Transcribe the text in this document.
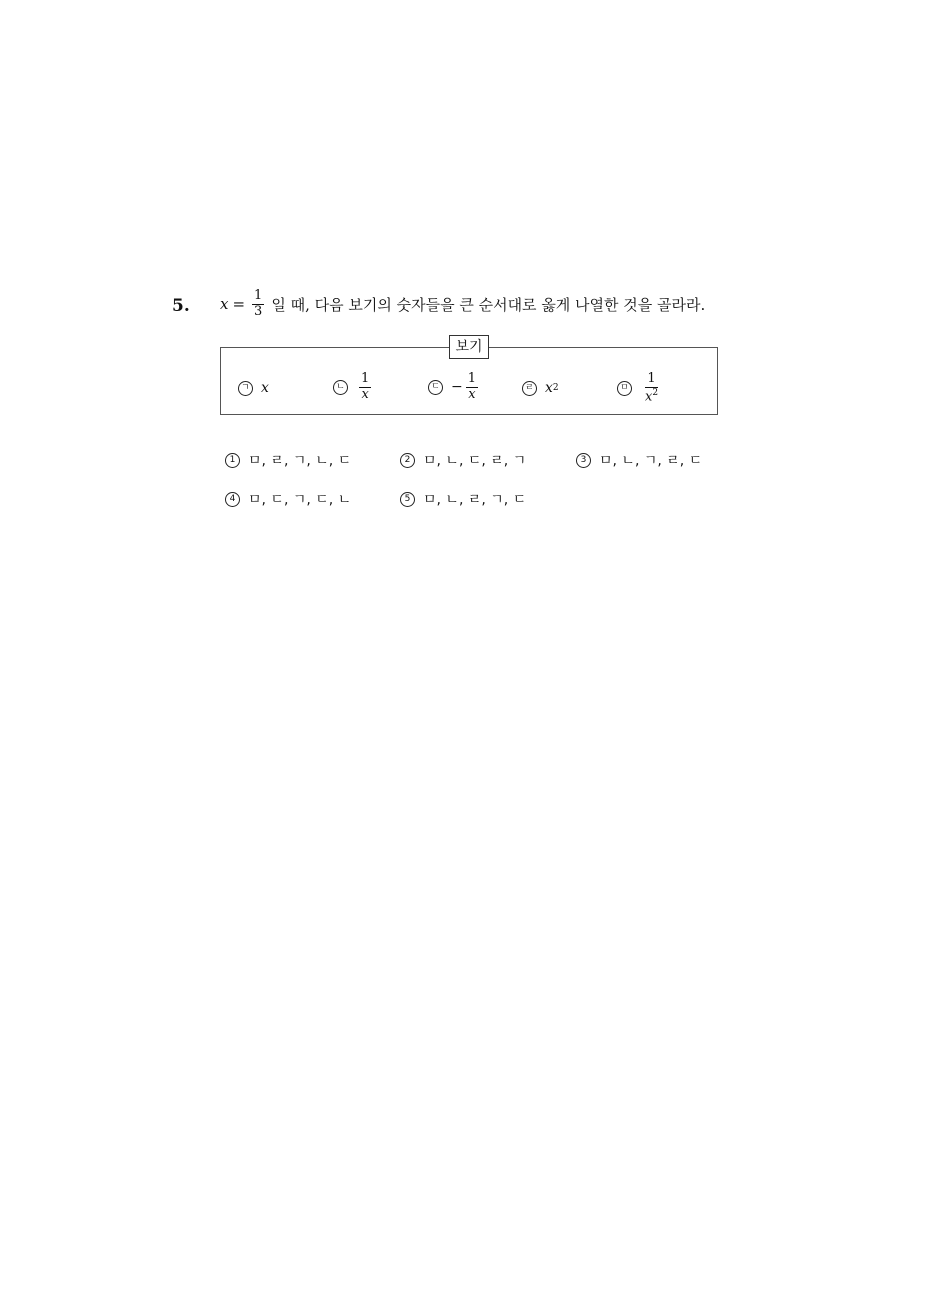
5. $x = \frac{1}{3}$ 일 때, 다음 보기의 숫자들을 큰 순서대로 옳게 나열한 것을 골라라.
보기
ㄱ x	ㄴ $\frac{1}{x}$	ㄷ − $\frac{1}{x}$	ㄹ x 2	ㅁ $\frac{1}{x^2}$
1 ㅁ, ㄹ, ㄱ, ㄴ, ㄷ	2 ㅁ, ㄴ, ㄷ, ㄹ, ㄱ	3 ㅁ, ㄴ, ㄱ, ㄹ, ㄷ
4 ㅁ, ㄷ, ㄱ, ㄷ, ㄴ	5 ㅁ, ㄴ, ㄹ, ㄱ, ㄷ
